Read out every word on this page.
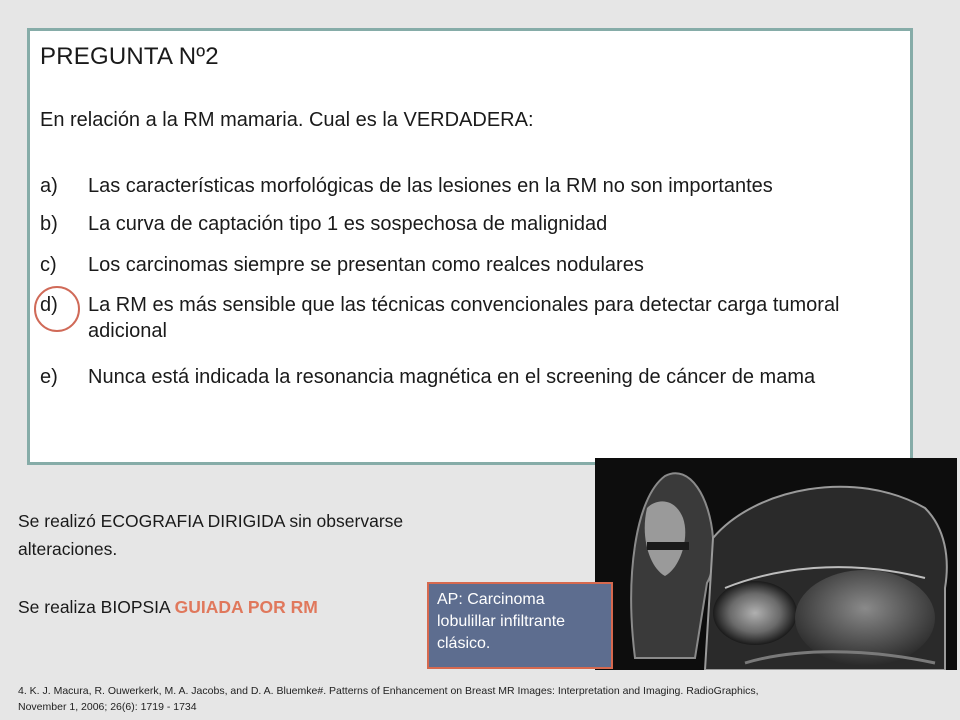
PREGUNTA Nº2
En relación a la RM mamaria. Cual es la VERDADERA:
a)	Las características morfológicas de las lesiones en la RM no son importantes
b)	La curva de captación tipo 1 es sospechosa de malignidad
c)	Los carcinomas siempre se presentan como realces nodulares
d)	La RM es más sensible que las técnicas convencionales para detectar carga tumoral adicional
e)	Nunca está indicada la resonancia magnética en el screening de cáncer de mama
Se realizó ECOGRAFIA DIRIGIDA sin observarse
alteraciones.
Se realiza BIOPSIA GUIADA POR RM	AP: Carcinoma lobulillar infiltrante clásico.
4. K. J. Macura, R. Ouwerkerk, M. A. Jacobs, and D. A. Bluemke#. Patterns of Enhancement on Breast MR Images: Interpretation and Imaging. RadioGraphics,
November 1, 2006; 26(6): 1719 - 1734
